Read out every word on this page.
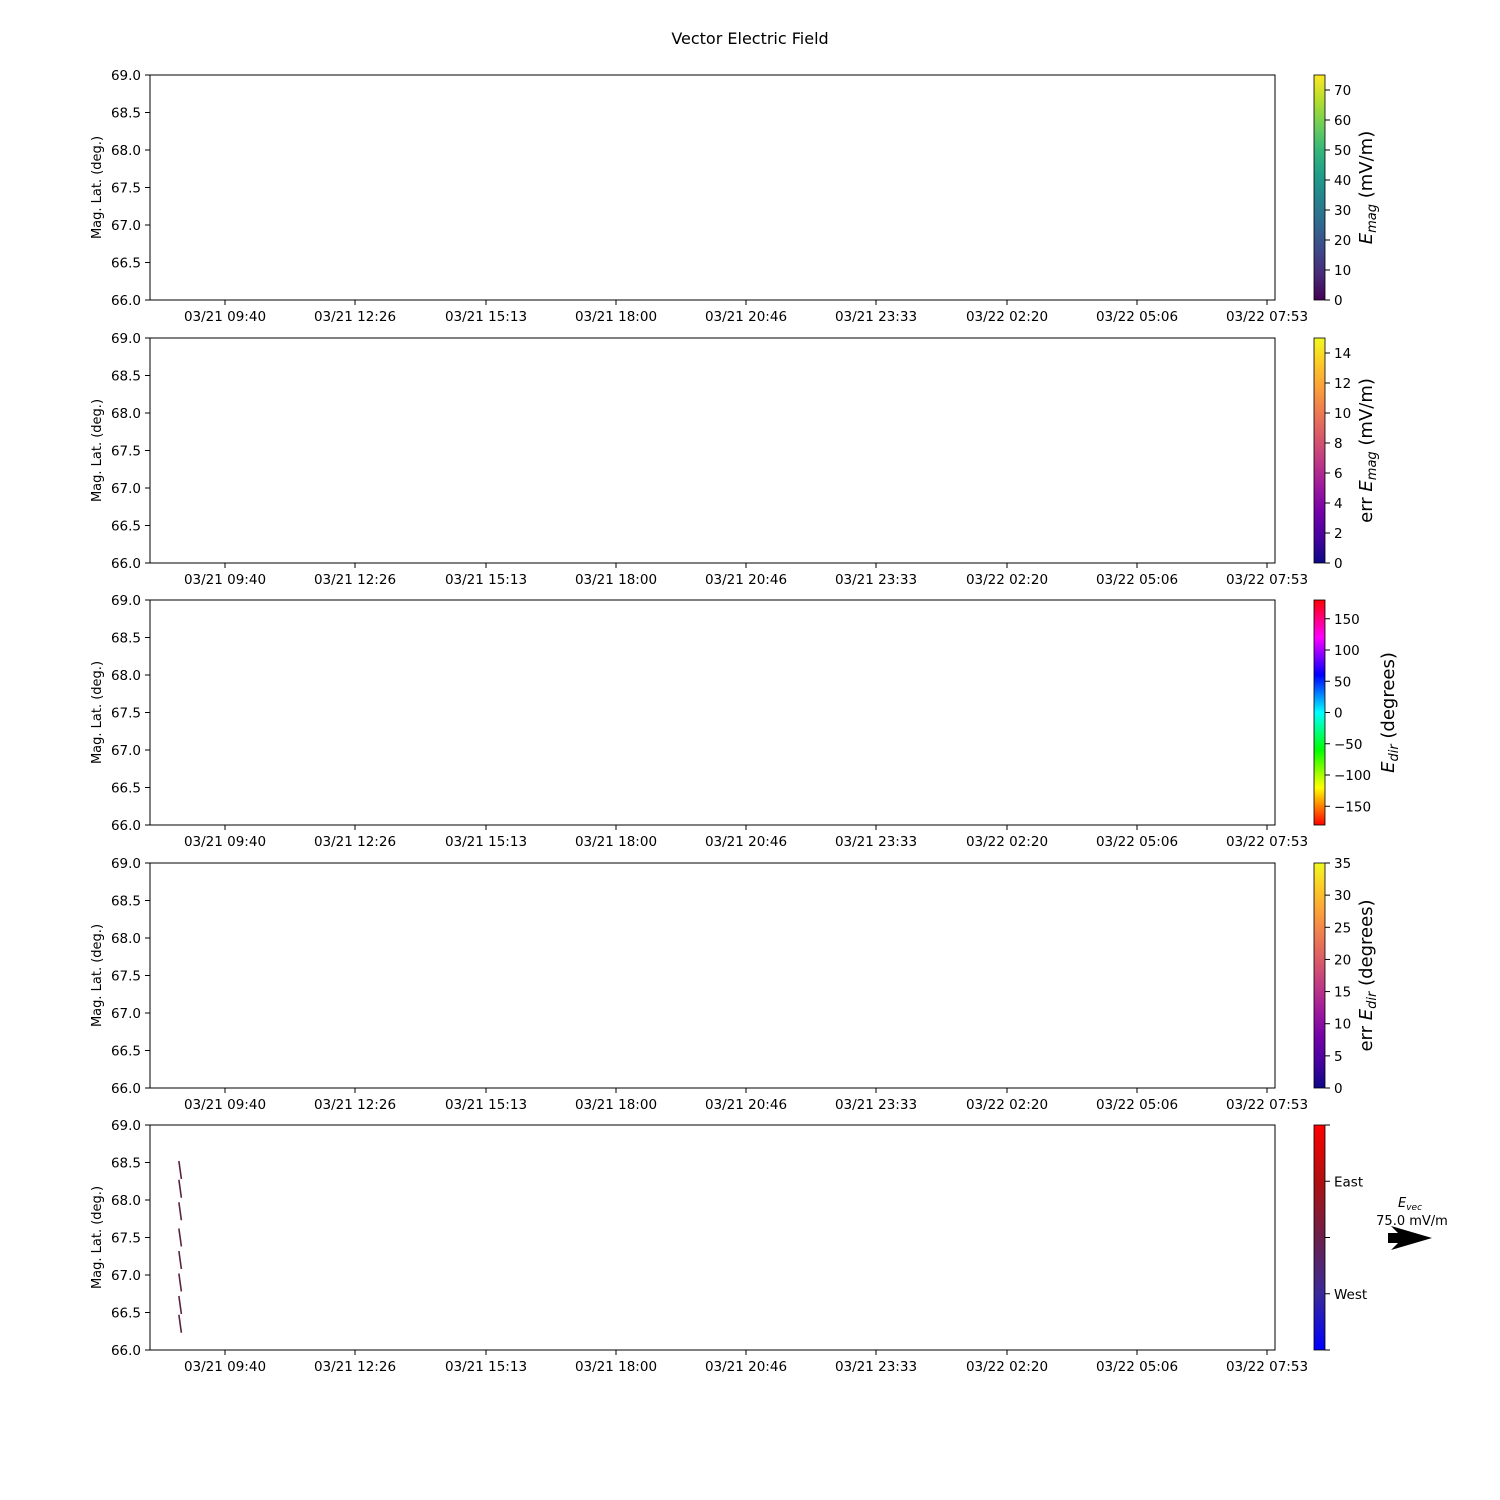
Vector Electric Field
66.0
66.5
67.0
67.5
68.0
68.5
69.0
03/21 09:40	03/21 12:26	03/21 15:13	03/21 18:00	03/21 20:46	03/21 23:33	03/22 02:20	03/22 05:06	03/22 07:53
Mag. Lat. (deg.)
0
10
20
30
40
50
60
70
$E_{mag}$ (mV/m)
66.0
66.5
67.0
67.5
68.0
68.5
69.0
03/21 09:40	03/21 12:26	03/21 15:13	03/21 18:00	03/21 20:46	03/21 23:33	03/22 02:20	03/22 05:06	03/22 07:53
Mag. Lat. (deg.)
0
2
4
6
8
10
12
14
err $E_{mag}$ (mV/m)
66.0
66.5
67.0
67.5
68.0
68.5
69.0
03/21 09:40	03/21 12:26	03/21 15:13	03/21 18:00	03/21 20:46	03/21 23:33	03/22 02:20	03/22 05:06	03/22 07:53
Mag. Lat. (deg.)
−150
−100
−50
0
50
100
150
$E_{dir}$ (degrees)
66.0
66.5
67.0
67.5
68.0
68.5
69.0
03/21 09:40	03/21 12:26	03/21 15:13	03/21 18:00	03/21 20:46	03/21 23:33	03/22 02:20	03/22 05:06	03/22 07:53
Mag. Lat. (deg.)
0
5
10
15
20
25
30
35
err $E_{dir}$ (degrees)
66.0
66.5
67.0
67.5
68.0
68.5
69.0
03/21 09:40	03/21 12:26	03/21 15:13	03/21 18:00	03/21 20:46	03/21 23:33	03/22 02:20	03/22 05:06	03/22 07:53
Mag. Lat. (deg.)
West
East
$E_{vec}$
75.0 mV/m
